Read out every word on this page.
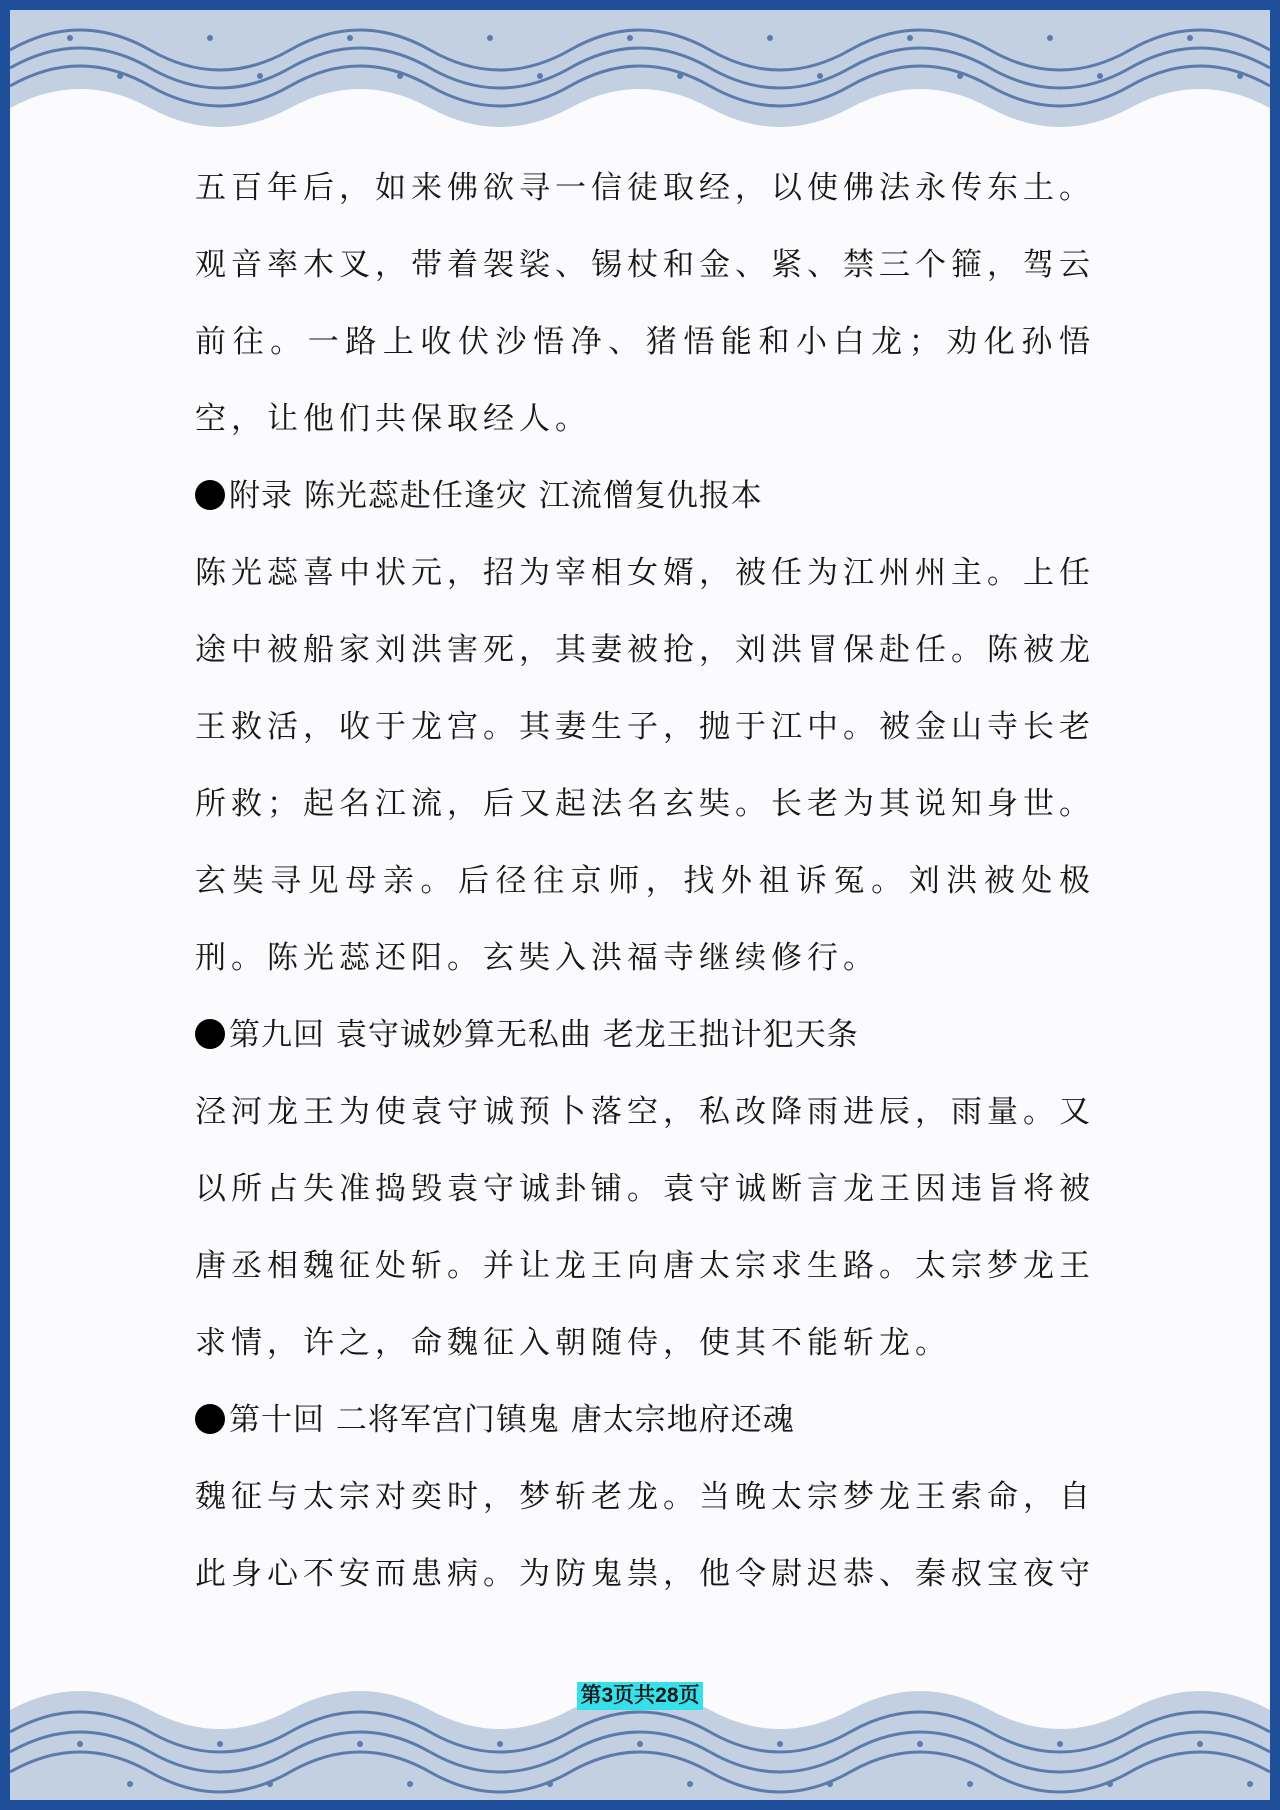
五百年后，如来佛欲寻一信徒取经，以使佛法永传东土。观音率木叉，带着袈裟、锡杖和金、紧、禁三个箍，驾云前往。一路上收伏沙悟净、猪悟能和小白龙；劝化孙悟空，让他们共保取经人。

附录 陈光蕊赴任逢灾 江流僧复仇报本

陈光蕊喜中状元，招为宰相女婿，被任为江州州主。上任途中被船家刘洪害死，其妻被抢，刘洪冒保赴任。陈被龙王救活，收于龙宫。其妻生子，抛于江中。被金山寺长老所救；起名江流，后又起法名玄奘。长老为其说知身世。玄奘寻见母亲。后径往京师，找外祖诉冤。刘洪被处极刑。陈光蕊还阳。玄奘入洪福寺继续修行。

第九回 袁守诚妙算无私曲 老龙王拙计犯天条

泾河龙王为使袁守诚预卜落空，私改降雨进辰，雨量。又以所占失准捣毁袁守诚卦铺。袁守诚断言龙王因违旨将被唐丞相魏征处斩。并让龙王向唐太宗求生路。太宗梦龙王求情，许之，命魏征入朝随侍，使其不能斩龙。

第十回 二将军宫门镇鬼 唐太宗地府还魂

魏征与太宗对奕时，梦斩老龙。当晚太宗梦龙王索命，自此身心不安而患病。为防鬼祟，他令尉迟恭、秦叔宝夜守

第3页共28页
